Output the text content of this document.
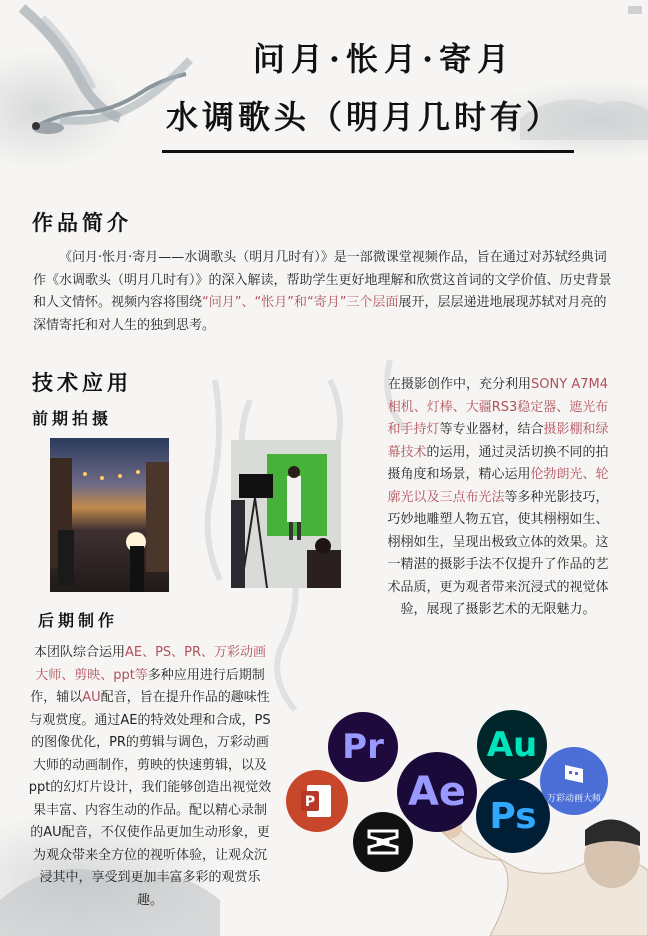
问月·怅月·寄月
水调歌头（明月几时有）
作品简介
《问月·怅月·寄月——水调歌头（明月几时有）》是一部微课堂视频作品，旨在通过对苏轼经典词作《水调歌头（明月几时有）》的深入解读，帮助学生更好地理解和欣赏这首词的文学价值、历史背景和人文情怀。视频内容将围绕“问月”、“怅月”和“寄月”三个层面展开，层层递进地展现苏轼对月亮的深情寄托和对人生的独到思考。
技术应用
前期拍摄
后期制作
在摄影创作中，充分利用SONY A7M4相机、灯棒、大疆RS3稳定器、遮光布和手持灯等专业器材，结合摄影棚和绿幕技术的运用，通过灵活切换不同的拍摄角度和场景，精心运用伦勃朗光、轮廓光以及三点布光法等多种光影技巧，巧妙地雕塑人物五官，使其栩栩如生、栩栩如生，呈现出极致立体的效果。这一精湛的摄影手法不仅提升了作品的艺术品质，更为观者带来沉浸式的视觉体验，展现了摄影艺术的无限魅力。
本团队综合运用AE、PS、PR、万彩动画大师、剪映、ppt等多种应用进行后期制作，辅以AU配音，旨在提升作品的趣味性与观赏度。通过AE的特效处理和合成，PS的图像优化，PR的剪辑与调色，万彩动画大师的动画制作，剪映的快速剪辑，以及ppt的幻灯片设计，我们能够创造出视觉效果丰富、内容生动的作品。配以精心录制的AU配音，不仅使作品更加生动形象，更为观众带来全方位的视听体验，让观众沉浸其中，享受到更加丰富多彩的观赏乐趣。
Pr	Au
Ae
Ps
P	万彩动画大师
